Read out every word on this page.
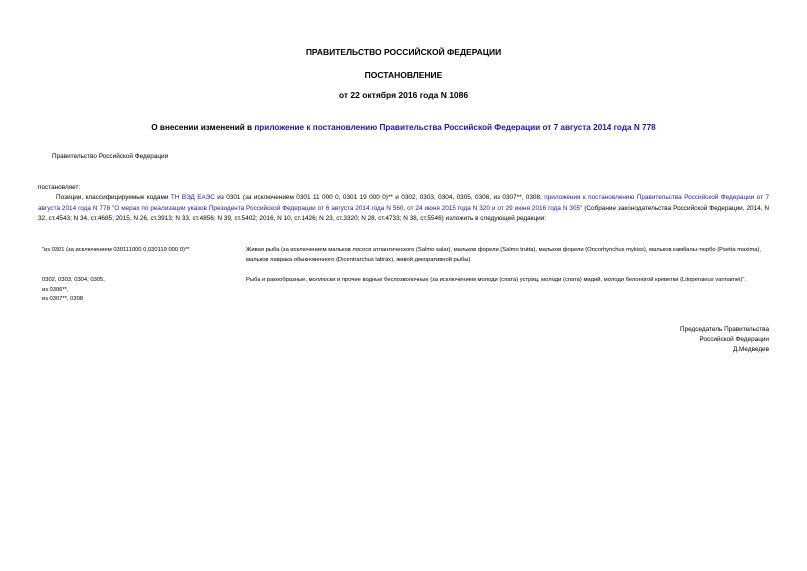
ПРАВИТЕЛЬСТВО РОССИЙСКОЙ ФЕДЕРАЦИИ
ПОСТАНОВЛЕНИЕ
от 22 октября 2016 года N 1086
О внесении изменений в приложение к постановлению Правительства Российской Федерации от 7 августа 2014 года N 778
Правительство Российской Федерации
постановляет:
Позиции, классифицируемые кодами ТН ВЭД ЕАЭС из 0301 (за исключением 0301 11 000 0, 0301 19 000 0)** и 0302, 0303, 0304, 0305, 0306, из 0307**, 0308, приложения к постановлению Правительства Российской Федерации от 7 августа 2014 года N 778 "О мерах по реализации указов Президента Российской Федерации от 6 августа 2014 года N 560, от 24 июня 2015 года N 320 и от 29 июня 2016 года N 305" (Собрание законодательства Российской Федерации, 2014, N 32, ст.4543; N 34, ст.4685; 2015, N 26, ст.3913; N 33, ст.4856; N 39, ст.5402; 2016, N 10, ст.1426; N 23, ст.3320; N 28, ст.4733; N 38, ст.5546) изложить в следующей редакции:
"из 0301 (за исключением 030111000 0,030119 000 0)**	Живая рыба (за исключением мальков лосося атлантического (Salmo salar), мальков форели (Salmo trutta), мальков форели (Oncorhynchus mykiss), мальков камбалы-тюрбо (Psetta maxima), мальков лаврака обыкновенного (Dicentrarchus labrax), живой декоративной рыбы)
0302, 0303, 0304, 0305,
из 0306**,
из 0307**, 0308
Рыба и ракообразные, моллюски и прочие водные беспозвоночные (за исключением молоди (спата) устриц, молоди (спата) мидий, молоди белоногой креветки (Litopenaeus vannamei)".
Председатель Правительства
Российской Федерации
Д.Медведев
